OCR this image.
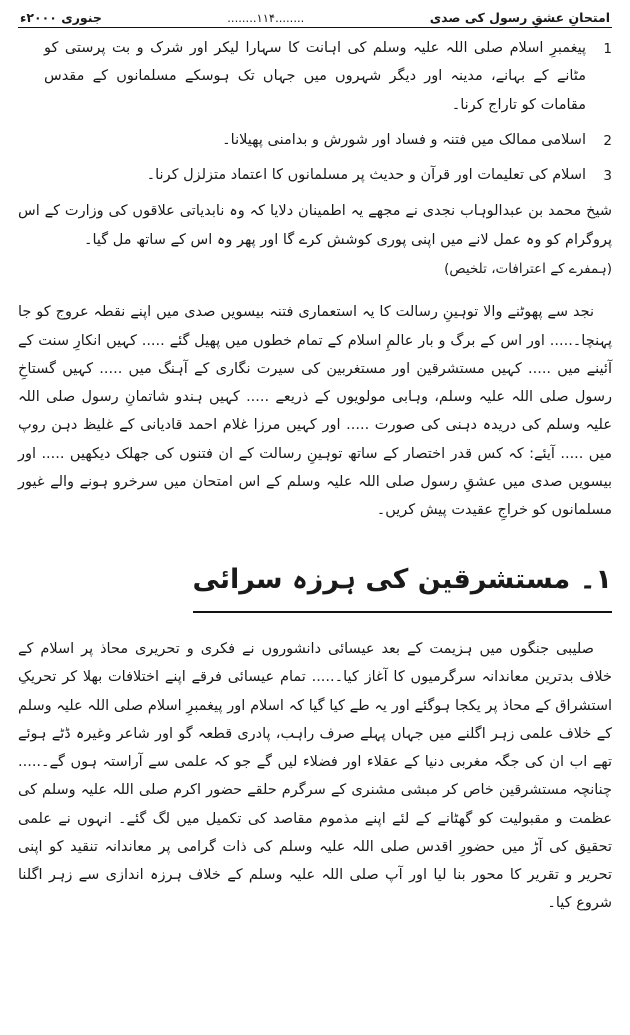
امتحانِ عشقِ رسول کی صدی
........۱۱۴........
جنوری ۲۰۰۰ء
1
پیغمبرِ اسلام صلی اللہ علیہ وسلم کی اہانت کا سہارا لیکر اور شرک و بت پرستی کو مٹانے کے بہانے، مدینہ اور دیگر شہروں میں جہاں تک ہوسکے مسلمانوں کے مقدس مقامات کو تاراج کرنا۔
2
اسلامی ممالک میں فتنہ و فساد اور شورش و بدامنی پھیلانا۔
3
اسلام کی تعلیمات اور قرآن و حدیث پر مسلمانوں کا اعتماد متزلزل کرنا۔
شیخ محمد بن عبدالوہاب نجدی نے مجھے یہ اطمینان دلایا کہ وہ نابدیاتی علاقوں کی وزارت کے اس پروگرام کو وہ عمل لانے میں اپنی پوری کوشش کرے گا اور پھر وہ اس کے ساتھ مل گیا۔
(ہمفرے کے اعترافات، تلخیص)
نجد سے پھوٹنے والا توہینِ رسالت کا یہ استعماری فتنہ بیسویں صدی میں اپنے نقطہ عروج کو جا پہنچا۔..... اور اس کے برگ و بار عالمِ اسلام کے تمام خطوں میں پھیل گئے ..... کہیں انکارِ سنت کے آئینے میں ..... کہیں مستشرقین اور مستغربین کی سیرت نگاری کے آہنگ میں ..... کہیں گستاخِ رسول صلی اللہ علیہ وسلم، وہابی مولویوں کے ذریعے ..... کہیں ہندو شاتمانِ رسول صلی اللہ علیہ وسلم کی دریدہ دہنی کی صورت ..... اور کہیں مرزا غلام احمد قادیانی کے غلیظ دہن روپ میں ..... آیئے: کہ کس قدر اختصار کے ساتھ توہینِ رسالت کے ان فتنوں کی جھلک دیکھیں ..... اور بیسویں صدی میں عشقِ رسول صلی اللہ علیہ وسلم کے اس امتحان میں سرخرو ہونے والے غیور مسلمانوں کو خراجِ عقیدت پیش کریں۔
۱۔ مستشرقین کی ہرزہ سرائی
صلیبی جنگوں میں ہزیمت کے بعد عیسائی دانشوروں نے فکری و تحریری محاذ پر اسلام کے خلاف بدترین معاندانہ سرگرمیوں کا آغاز کیا۔..... تمام عیسائی فرقے اپنے اختلافات بھلا کر تحریکِ استشراق کے محاذ پر یکجا ہوگئے اور یہ طے کیا گیا کہ اسلام اور پیغمبرِ اسلام صلی اللہ علیہ وسلم کے خلاف علمی زہر اگلنے میں جہاں پہلے صرف راہب، پادری قطعہ گو اور شاعر وغیرہ ڈٹے ہوئے تھے اب ان کی جگہ مغربی دنیا کے عقلاء اور فضلاء لیں گے جو کہ علمی سے آراستہ ہوں گے۔..... چنانچہ مستشرقین خاص کر مبشی مشنری کے سرگرم حلقے حضور اکرم صلی اللہ علیہ وسلم کی عظمت و مقبولیت کو گھٹانے کے لئے اپنے مذموم مقاصد کی تکمیل میں لگ گئے۔ انہوں نے علمی تحقیق کی آڑ میں حضورِ اقدس صلی اللہ علیہ وسلم کی ذات گرامی پر معاندانہ تنقید کو اپنی تحریر و تقریر کا محور بنا لیا اور آپ صلی اللہ علیہ وسلم کے خلاف ہرزہ اندازی سے زہر اگلنا شروع کیا۔
